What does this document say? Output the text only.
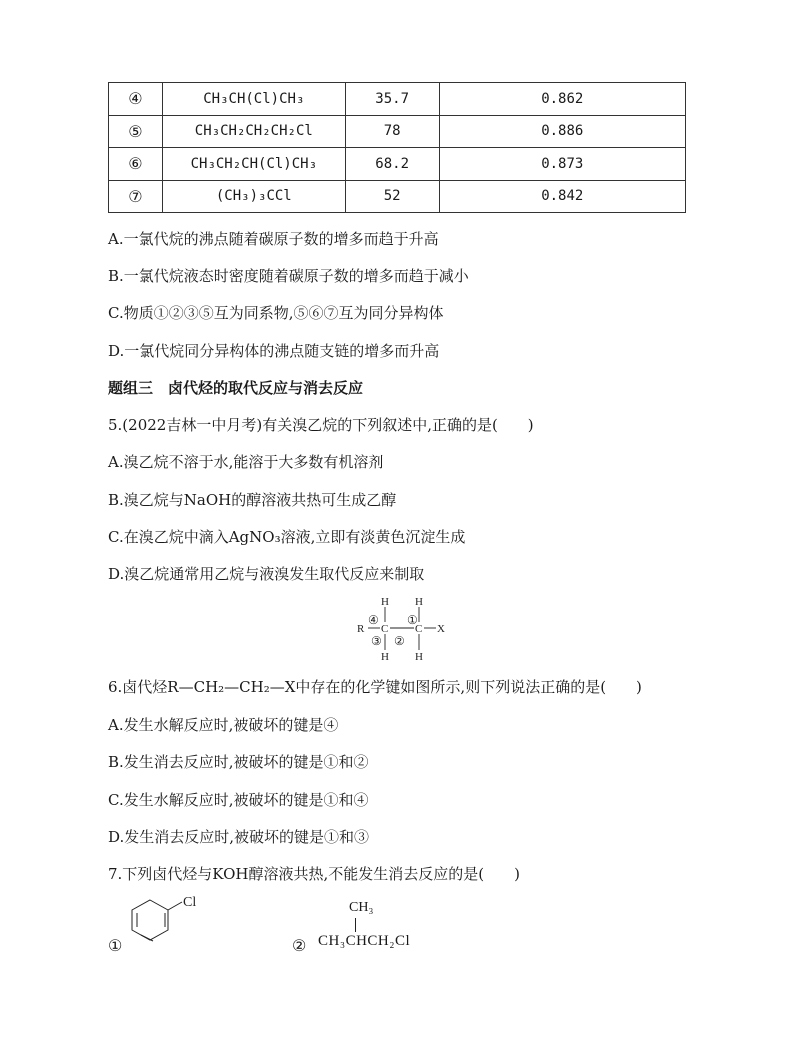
④	CH₃CH(Cl)CH₃	35.7	0.862
⑤	CH₃CH₂CH₂CH₂Cl	78	0.886
⑥	CH₃CH₂CH(Cl)CH₃	68.2	0.873
⑦	(CH₃)₃CCl	52	0.842
A.一氯代烷的沸点随着碳原子数的增多而趋于升高
B.一氯代烷液态时密度随着碳原子数的增多而趋于减小
C.物质①②③⑤互为同系物,⑤⑥⑦互为同分异构体
D.一氯代烷同分异构体的沸点随支链的增多而升高
题组三　卤代烃的取代反应与消去反应
5.(2022吉林一中月考)有关溴乙烷的下列叙述中,正确的是(　　)
A.溴乙烷不溶于水,能溶于大多数有机溶剂
B.溴乙烷与NaOH的醇溶液共热可生成乙醇
C.在溴乙烷中滴入AgNO₃溶液,立即有淡黄色沉淀生成
D.溴乙烷通常用乙烷与液溴发生取代反应来制取
R C C X
H H
H H
④
③ ②
①
6.卤代烃R—CH₂—CH₂—X中存在的化学键如图所示,则下列说法正确的是(　　)
A.发生水解反应时,被破坏的键是④
B.发生消去反应时,被破坏的键是①和②
C.发生水解反应时,被破坏的键是①和④
D.发生消去反应时,被破坏的键是①和③
7.下列卤代烃与KOH醇溶液共热,不能发生消去反应的是(　　)
①
Cl
②
CH₃
CH₃CHCH₂Cl
